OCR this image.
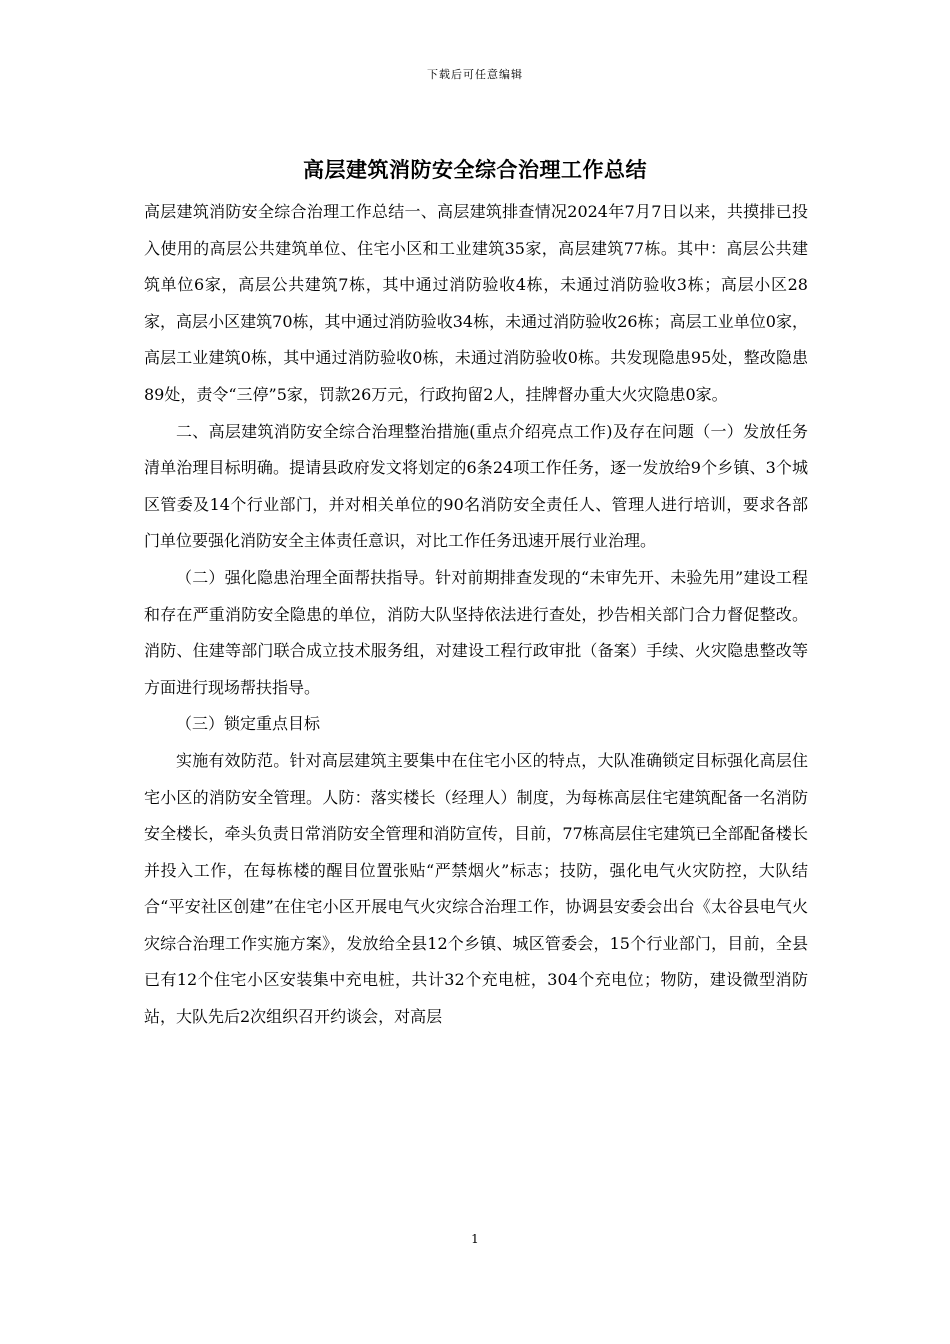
下载后可任意编辑
高层建筑消防安全综合治理工作总结

高层建筑消防安全综合治理工作总结一、高层建筑排查情况2024年7月7日以来，共摸排已投入使用的高层公共建筑单位、住宅小区和工业建筑35家，高层建筑77栋。其中：高层公共建筑单位6家，高层公共建筑7栋，其中通过消防验收4栋，未通过消防验收3栋；高层小区28家，高层小区建筑70栋，其中通过消防验收34栋，未通过消防验收26栋；高层工业单位0家，高层工业建筑0栋，其中通过消防验收0栋，未通过消防验收0栋。共发现隐患95处，整改隐患89处，责令“三停”5家，罚款26万元，行政拘留2人，挂牌督办重大火灾隐患0家。

二、高层建筑消防安全综合治理整治措施(重点介绍亮点工作)及存在问题（一）发放任务清单治理目标明确。提请县政府发文将划定的6条24项工作任务，逐一发放给9个乡镇、3个城区管委及14个行业部门，并对相关单位的90名消防安全责任人、管理人进行培训，要求各部门单位要强化消防安全主体责任意识，对比工作任务迅速开展行业治理。

（二）强化隐患治理全面帮扶指导。针对前期排查发现的“未审先开、未验先用”建设工程和存在严重消防安全隐患的单位，消防大队坚持依法进行查处，抄告相关部门合力督促整改。消防、住建等部门联合成立技术服务组，对建设工程行政审批（备案）手续、火灾隐患整改等方面进行现场帮扶指导。

（三）锁定重点目标

实施有效防范。针对高层建筑主要集中在住宅小区的特点，大队准确锁定目标强化高层住宅小区的消防安全管理。人防：落实楼长（经理人）制度，为每栋高层住宅建筑配备一名消防安全楼长，牵头负责日常消防安全管理和消防宣传，目前，77栋高层住宅建筑已全部配备楼长并投入工作，在每栋楼的醒目位置张贴“严禁烟火”标志；技防，强化电气火灾防控，大队结合“平安社区创建”在住宅小区开展电气火灾综合治理工作，协调县安委会出台《太谷县电气火灾综合治理工作实施方案》，发放给全县12个乡镇、城区管委会，15个行业部门，目前，全县已有12个住宅小区安装集中充电桩，共计32个充电桩，304个充电位；物防，建设微型消防站，大队先后2次组织召开约谈会，对高层

1
